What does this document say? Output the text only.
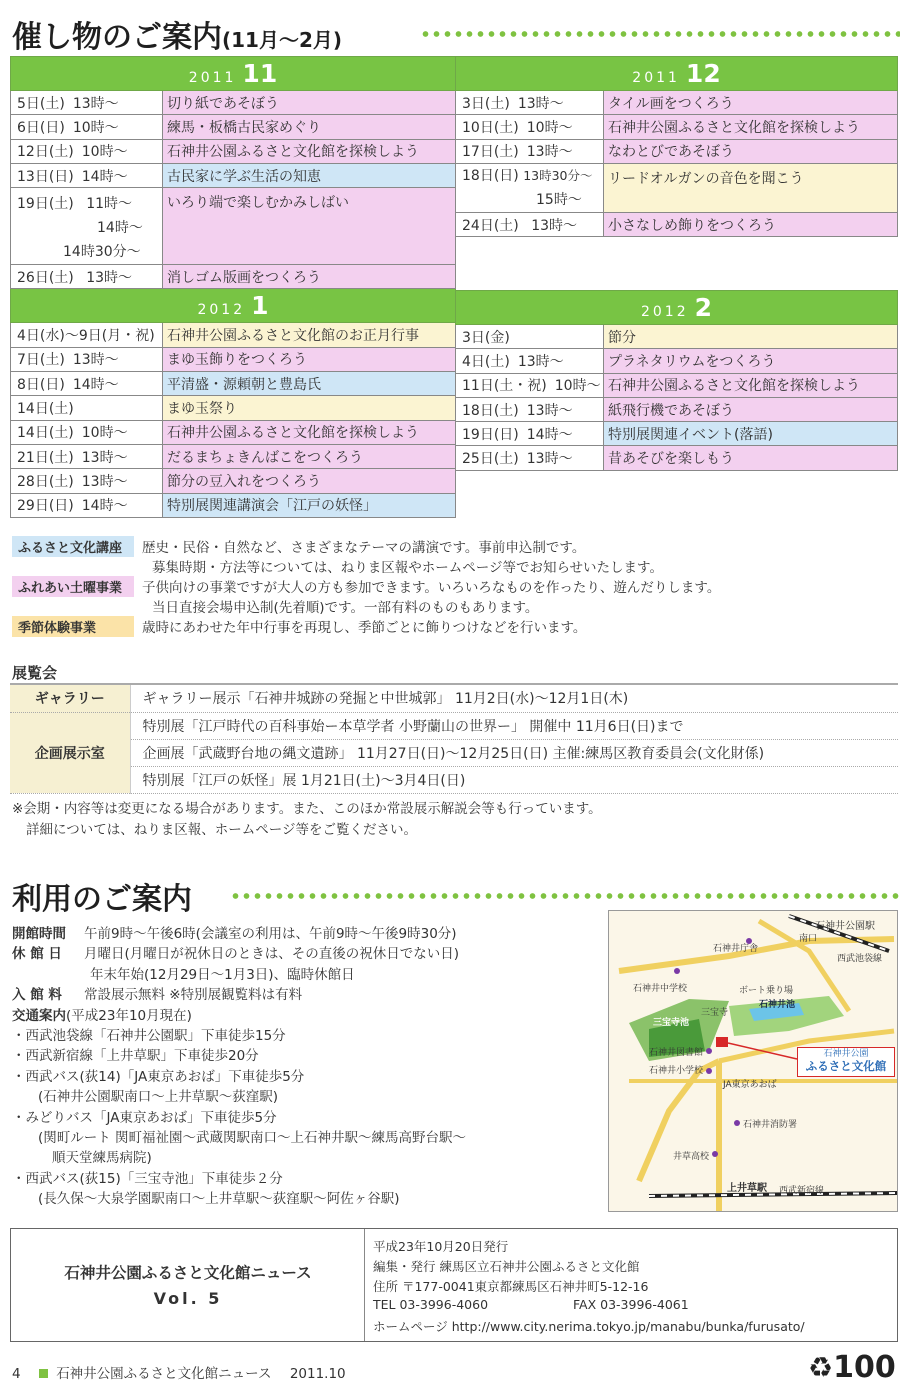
催し物のご案内(11月〜2月)
2011 11	
5日(土) 13時〜	切り紙であそぼう
6日(日) 10時〜	練馬・板橋古民家めぐり
12日(土) 10時〜	石神井公園ふるさと文化館を探検しよう
13日(日) 14時〜	古民家に学ぶ生活の知恵
19日(土) 11時〜
14時〜
14時30分〜	いろり端で楽しむかみしばい
26日(土) 13時〜	消しゴム版画をつくろう
2012 1	
4日(水)〜9日(月・祝)	石神井公園ふるさと文化館のお正月行事
7日(土) 13時〜	まゆ玉飾りをつくろう
8日(日) 14時〜	平清盛・源頼朝と豊島氏
14日(土)	まゆ玉祭り
14日(土) 10時〜	石神井公園ふるさと文化館を探検しよう
21日(土) 13時〜	だるまちょきんばこをつくろう
28日(土) 13時〜	節分の豆入れをつくろう
29日(日) 14時〜	特別展関連講演会「江戸の妖怪」
2011 12	
3日(土) 13時〜	タイル画をつくろう
10日(土) 10時〜	石神井公園ふるさと文化館を探検しよう
17日(土) 13時〜	なわとびであそぼう
18日(日) 13時30分〜
15時〜	リードオルガンの音色を聞こう
24日(土) 13時〜	小さなしめ飾りをつくろう
2012 2	
3日(金)	節分
4日(土) 13時〜	プラネタリウムをつくろう
11日(土・祝) 10時〜	石神井公園ふるさと文化館を探検しよう
18日(土) 13時〜	紙飛行機であそぼう
19日(日) 14時〜	特別展関連イベント(落語)
25日(土) 13時〜	昔あそびを楽しもう
ふるさと文化講座 歴史・民俗・自然など、さまざまなテーマの講演です。事前申込制です。
募集時期・方法等については、ねりま区報やホームページ等でお知らせいたします。
ふれあい土曜事業 子供向けの事業ですが大人の方も参加できます。いろいろなものを作ったり、遊んだりします。
当日直接会場申込制(先着順)です。一部有料のものもあります。
季節体験事業	歳時にあわせた年中行事を再現し、季節ごとに飾りつけなどを行います。
展覧会
ギャラリー	ギャラリー展示「石神井城跡の発掘と中世城郭」 11月2日(水)〜12月1日(木)
企画展示室	特別展「江戸時代の百科事始ー本草学者 小野蘭山の世界ー」 開催中 11月6日(日)まで
	企画展「武蔵野台地の縄文遺跡」 11月27日(日)〜12月25日(日) 主催:練馬区教育委員会(文化財係)
	特別展「江戸の妖怪」展 1月21日(土)〜3月4日(日)
※会期・内容等は変更になる場合があります。また、このほか常設展示解説会等も行っています。
詳細については、ねりま区報、ホームページ等をご覧ください。
利用のご案内
開館時間 午前9時〜午後6時(会議室の利用は、午前9時〜午後9時30分)
休 館 日 月曜日(月曜日が祝休日のときは、その直後の祝休日でない日)
年末年始(12月29日〜1月3日)、臨時休館日
入 館 料 常設展示無料 ※特別展観覧料は有料
交通案内(平成23年10月現在)
・西武池袋線「石神井公園駅」下車徒歩15分
・西武新宿線「上井草駅」下車徒歩20分
・西武バス(荻14)「JA東京あおば」下車徒歩5分
(石神井公園駅南口〜上井草駅〜荻窪駅)
・みどりバス「JA東京あおば」下車徒歩5分
(関町ルート 関町福祉園〜武蔵関駅南口〜上石神井駅〜練馬高野台駅〜
順天堂練馬病院)
・西武バス(荻15)「三宝寺池」下車徒歩２分
(長久保〜大泉学園駅南口〜上井草駅〜荻窪駅〜阿佐ヶ谷駅)
石神井公園駅
南口
石神井庁舎
西武池袋線
石神井中学校	ボート乗り場
三宝寺
石神井池
三宝寺池
石神井図書館
石神井小学校
JA東京あおば
石神井公園
ふるさと文化館
石神井消防署
井草高校
上井草駅 西武新宿線
石神井公園ふるさと文化館ニュース
Vol. 5
平成23年10月20日発行
編集・発行 練馬区立石神井公園ふるさと文化館
住所 〒177-0041東京都練馬区石神井町5-12-16
TEL 03-3996-4060	FAX 03-3996-4061
ホームページ http://www.city.nerima.tokyo.jp/manabu/bunka/furusato/
4	石神井公園ふるさと文化館ニュース 2011.10	♻100
